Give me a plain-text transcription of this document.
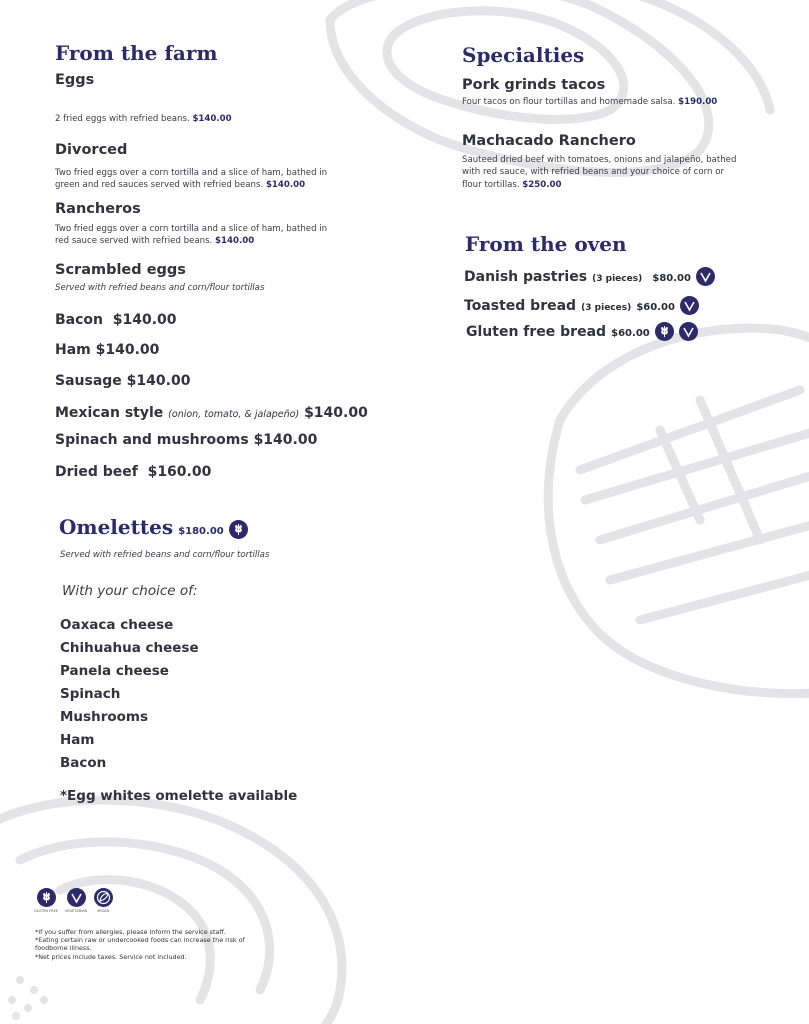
From the farm
Eggs
2 fried eggs with refried beans. $140.00
Divorced
Two fried eggs over a corn tortilla and a slice of ham, bathed in green and red sauces served with refried beans. $140.00
Rancheros
Two fried eggs over a corn tortilla and a slice of ham, bathed in red sauce served with refried beans. $140.00
Scrambled eggs
Served with refried beans and corn/flour tortillas
Bacon $140.00
Ham $140.00
Sausage $140.00
Mexican style (onion, tomato, & jalapeño) $140.00
Spinach and mushrooms $140.00
Dried beef $160.00
Omelettes $180.00
Served with refried beans and corn/flour tortillas
With your choice of:
Oaxaca cheese
Chihuahua cheese
Panela cheese
Spinach
Mushrooms
Ham
Bacon
*Egg whites omelette available
Specialties
Pork grinds tacos
Four tacos on flour tortillas and homemade salsa. $190.00
Machacado Ranchero
Sauteed dried beef with tomatoes, onions and jalapeño, bathed with red sauce, with refried beans and your choice of corn or flour tortillas. $250.00
From the oven
Danish pastries (3 pieces) $80.00
Toasted bread (3 pieces) $60.00
Gluten free bread $60.00

GLUTEN FREE	VEGETARIAN	VEGAN
*If you suffer from allergies, please inform the service staff.
*Eating certain raw or undercooked foods can increase the risk of foodborne illness.
*Net prices include taxes. Service not included.
